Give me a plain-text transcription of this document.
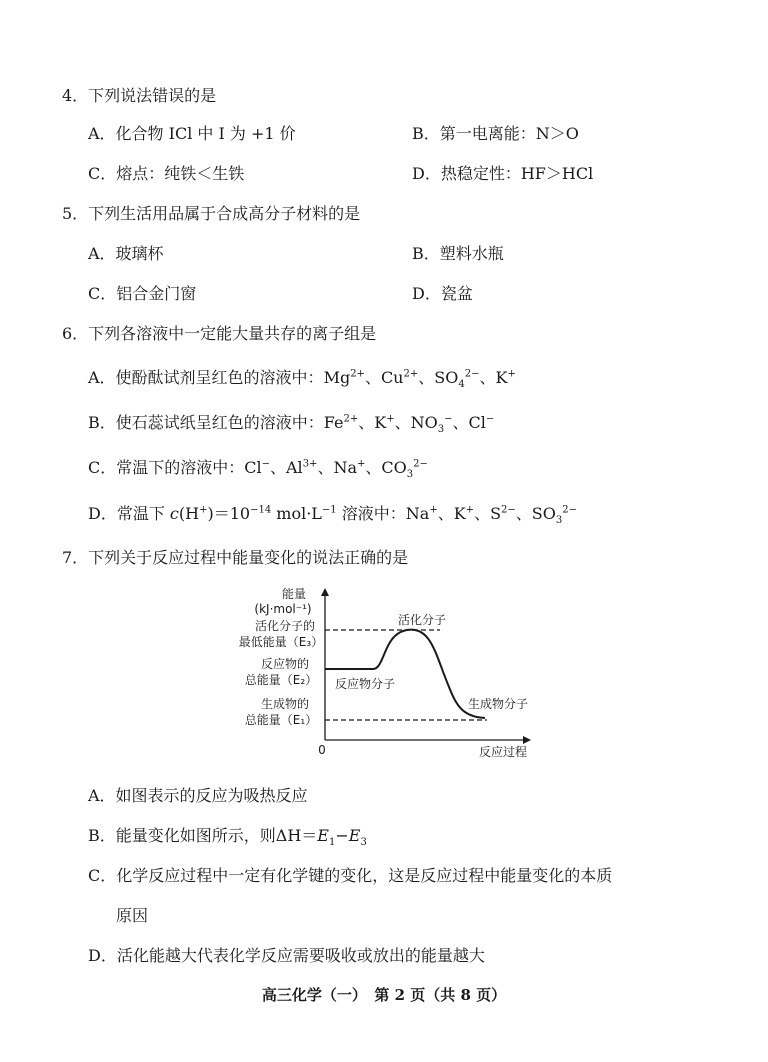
4．下列说法错误的是
A．化合物 ICl 中 I 为 +1 价	B．第一电离能：N＞O
C．熔点：纯铁＜生铁	D．热稳定性：HF＞HCl
5．下列生活用品属于合成高分子材料的是
A．玻璃杯	B．塑料水瓶
C．铝合金门窗	D．瓷盆
6．下列各溶液中一定能大量共存的离子组是
A．使酚酞试剂呈红色的溶液中：$Mg^{2+}$、$Cu^{2+}$、$SO_4^{2-}$、K+
B．使石蕊试纸呈红色的溶液中：$Fe^{2+}$、K+、$NO_3^-$、Cl−
C．常温下的溶液中：Cl−、$Al^{3+}$、Na+、$CO_3^{2-}$
D．常温下 $c(H^+)=10^{-14}$ $mol\cdot L^{-1}$ 溶液中：Na+、K+、$S^{2-}$、$SO_3^{2-}$
7．下列关于反应过程中能量变化的说法正确的是
能量
(kJ·mol⁻¹)
活化分子的
最低能量（E₃）
反应物的
总能量（E₂）
生成物的
总能量（E₁）
0	反应过程
活化分子
反应物分子
生成物分子
A．如图表示的反应为吸热反应
B．能量变化如图所示，则$\Delta H=E_1-E_3$
C．化学反应过程中一定有化学键的变化，这是反应过程中能量变化的本质
原因
D．活化能越大代表化学反应需要吸收或放出的能量越大
高三化学（一）　第 2 页（共 8 页）
